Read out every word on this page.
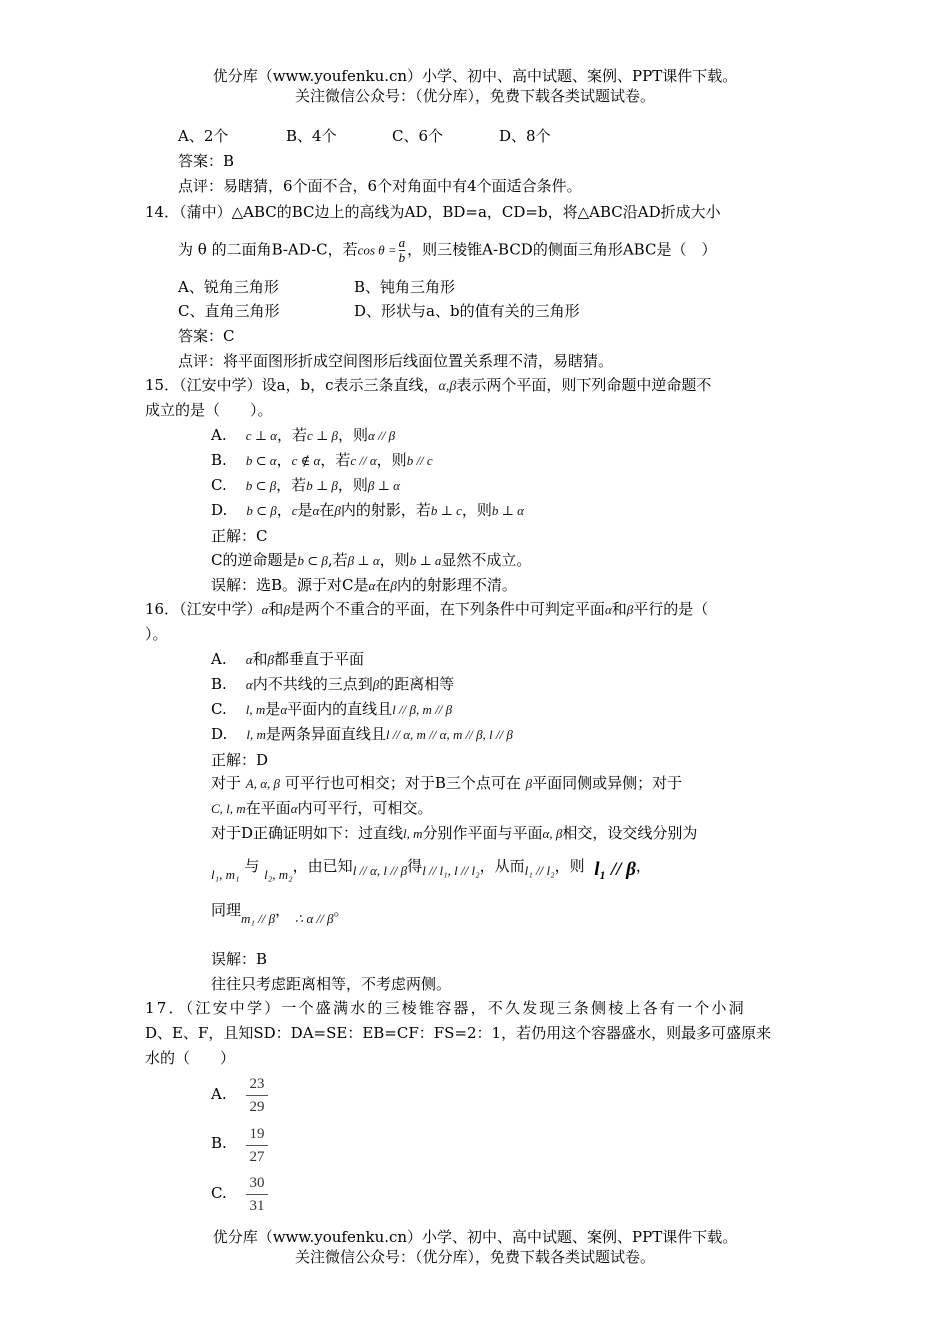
优分库（www.youfenku.cn）小学、初中、高中试题、案例、PPT课件下载。
关注微信公众号：（优分库），免费下载各类试题试卷。
A、2个	B、4个	C、6个	D、8个
答案：B
点评：易瞎猜，6个面不合，6个对角面中有4个面适合条件。
14．（蒲中）△ABC的BC边上的高线为AD，BD=a，CD=b，将△ABC沿AD折成大小
为 θ 的二面角B-AD-C，若$\cos \theta = \frac{a}{b}$ ，则三棱锥A-BCD的侧面三角形ABC是（　）
A、锐角三角形	B、钝角三角形
C、直角三角形	D、形状与a、b的值有关的三角形
答案：C
点评：将平面图形折成空间图形后线面位置关系理不清，易瞎猜。
15．（江安中学）设a，b，c表示三条直线，α,β表示两个平面，则下列命题中逆命题不
成立的是（　　）。
A. c ⊥ α，若c ⊥ β，则α // β
B. b ⊂ α，c ∉ α，若c // α，则b // c
C. b ⊂ β，若b ⊥ β，则β ⊥ α
D. b ⊂ β，c是α在β内的射影，若b ⊥ c，则b ⊥ α
正解：C
C的逆命题是b ⊂ β,若β ⊥ α，则b ⊥ a显然不成立。
误解：选B。源于对C是α在β内的射影理不清。
16．（江安中学）α和β是两个不重合的平面，在下列条件中可判定平面α和β平行的是（
）。
A. α和β都垂直于平面
B. α内不共线的三点到β的距离相等
C. l, m是α平面内的直线且l // β, m // β
D. l, m是两条异面直线且l // α, m // α, m // β, l // β
正解：D
对于 A, α, β 可平行也可相交；对于B三个点可在 β平面同侧或异侧；对于
C, l, m在平面α内可平行，可相交。
对于D正确证明如下：过直线l, m分别作平面与平面α, β相交，设交线分别为
l₁, m₁ 与 l₂, m₂，由已知l // α, l // β得l // l₁, l // l₂，从而l₁ // l₂，则 l₁ // β，
同理m₁ // β， ∴ α // β。
误解：B
往往只考虑距离相等，不考虑两侧。
17．（江安中学）一个盛满水的三棱锥容器，不久发现三条侧棱上各有一个小洞
D、E、F，且知SD：DA=SE：EB=CF：FS=2：1，若仍用这个容器盛水，则最多可盛原来
水的（　　）
A.
23
29
B. 19
27
C.
30
31
优分库（www.youfenku.cn）小学、初中、高中试题、案例、PPT课件下载。
关注微信公众号：（优分库），免费下载各类试题试卷。
